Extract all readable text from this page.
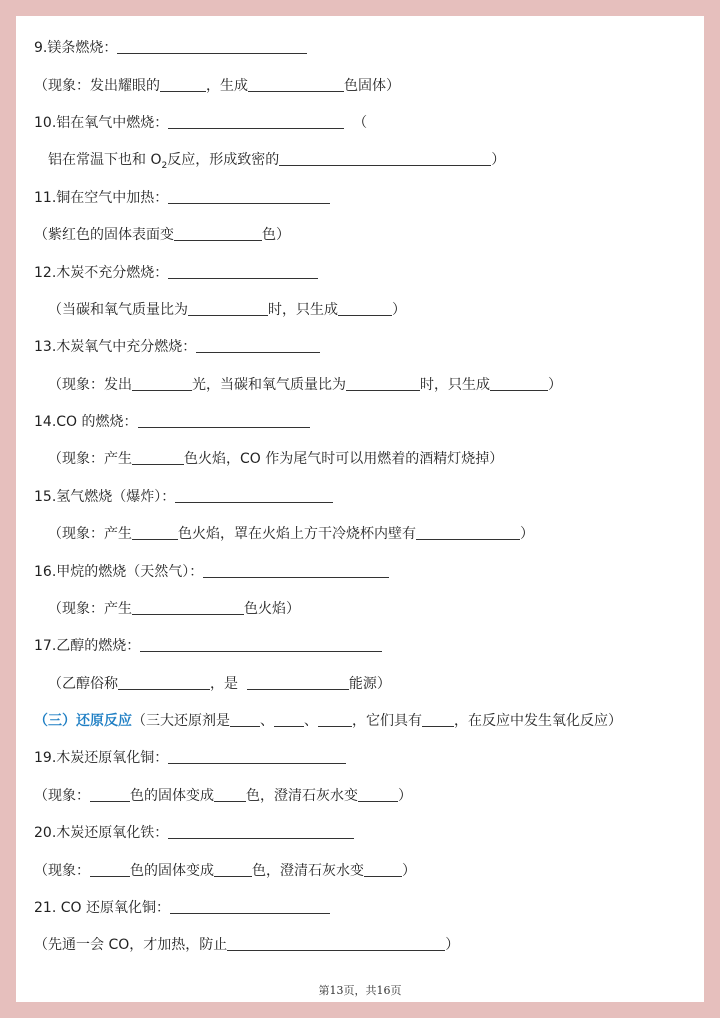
9.镁条燃烧：
（现象：发出耀眼的	，生成	色固体）
10.铝在氧气中燃烧：	（
铝在常温下也和 $O_2$反应，形成致密的	）
11.铜在空气中加热：
（紫红色的固体表面变	色）
12.木炭不充分燃烧：
（当碳和氧气质量比为	时，只生成	）
13.木炭氧气中充分燃烧：
（现象：发出	光，当碳和氧气质量比为	时，只生成	）
14.CO 的燃烧：
（现象：产生	色火焰，CO 作为尾气时可以用燃着的酒精灯烧掉）
15.氢气燃烧（爆炸）：
（现象：产生	色火焰，罩在火焰上方干冷烧杯内壁有	）
16.甲烷的燃烧（天然气）：
（现象：产生	色火焰）
17.乙醇的燃烧：
（乙醇俗称	，是	能源）
（三）还原反应（三大还原剂是 、 、 ，它们具有 ，在反应中发生氧化反应）
19.木炭还原氧化铜：
（现象：	色的固体变成 色，澄清石灰水变	）
20.木炭还原氧化铁：
（现象：	色的固体变成	色，澄清石灰水变	）
21. CO 还原氧化铜：
（先通一会 CO，才加热，防止	）
第13页，共16页
